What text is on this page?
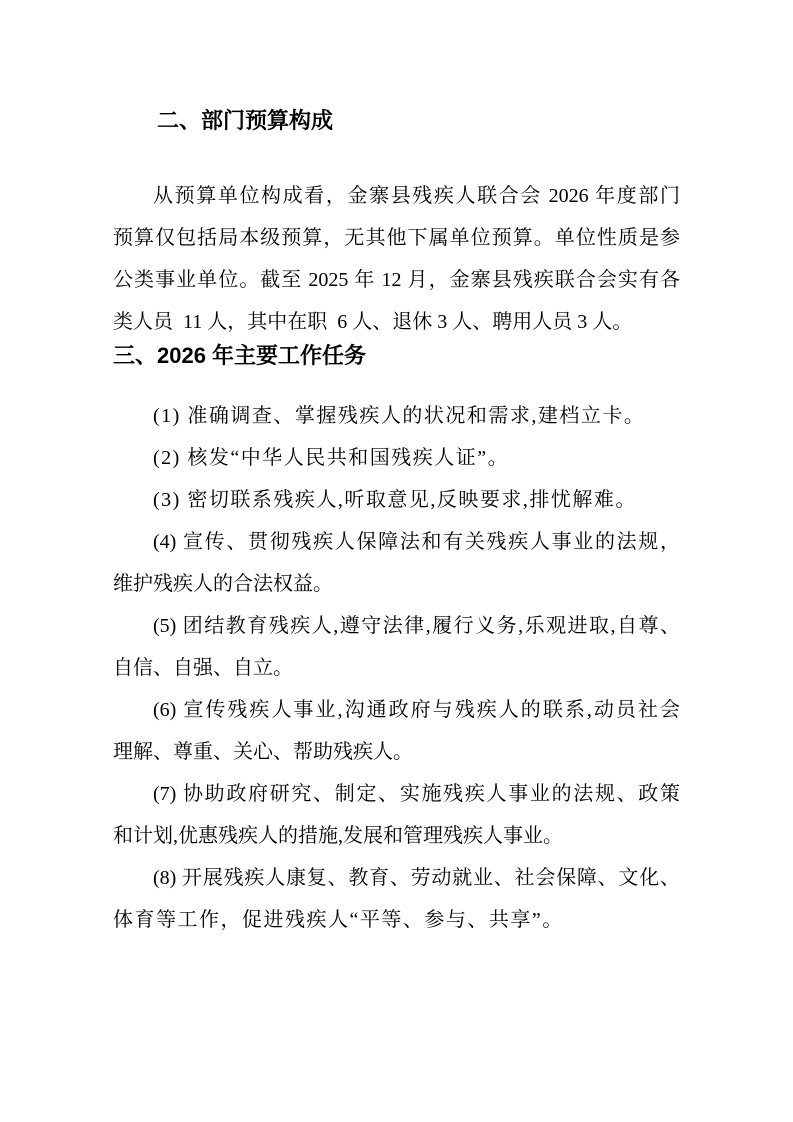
二、部门预算构成
从预算单位构成看，金寨县残疾人联合会 2026 年度部门
预算仅包括局本级预算，无其他下属单位预算。单位性质是参
公类事业单位。截至 2025 年 12 月，金寨县残疾联合会实有各
类人员  11 人，其中在职  6 人、退休 3 人、聘用人员 3 人。
三、2026 年主要工作任务
(1) 准确调查、掌握残疾人的状况和需求,建档立卡。
(2) 核发“中华人民共和国残疾人证”。
(3) 密切联系残疾人,听取意见,反映要求,排忧解难。
(4) 宣传、贯彻残疾人保障法和有关残疾人事业的法规，
维护残疾人的合法权益。
(5) 团结教育残疾人,遵守法律,履行义务,乐观进取,自尊、
自信、自强、自立。
(6) 宣传残疾人事业,沟通政府与残疾人的联系,动员社会
理解、尊重、关心、帮助残疾人。
(7) 协助政府研究、制定、实施残疾人事业的法规、政策
和计划,优惠残疾人的措施,发展和管理残疾人事业。
(8) 开展残疾人康复、教育、劳动就业、社会保障、文化、
体育等工作，促进残疾人“平等、参与、共享”。
